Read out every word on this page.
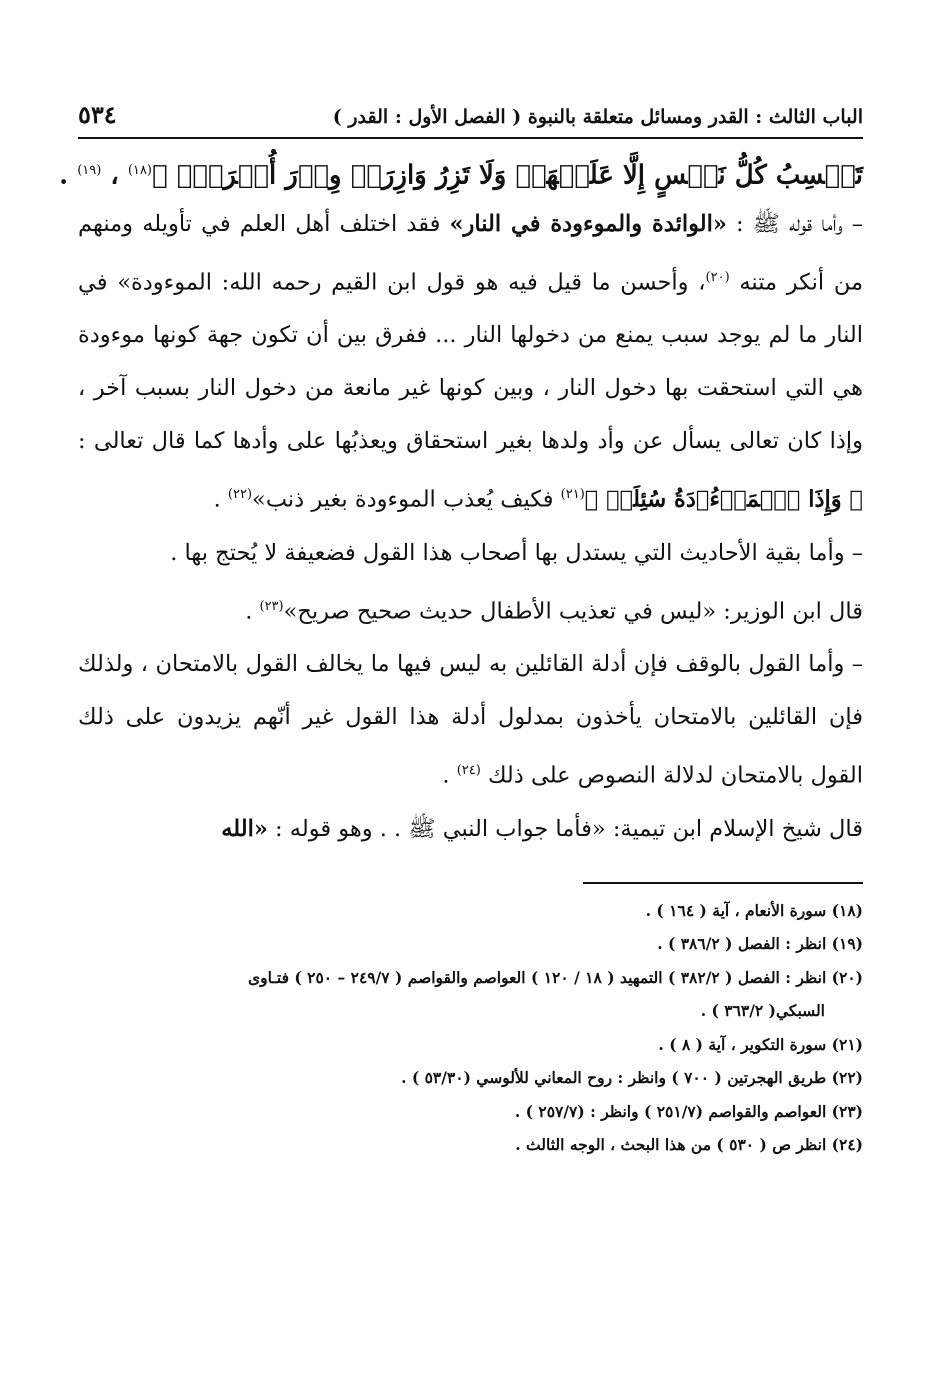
الباب الثالث : القدر ومسائل متعلقة بالنبوة ( الفصل الأول : القدر )
٥٣٤
تَكۡسِبُ كُلُّ نَفۡسٍ إِلَّا عَلَيۡهَاۚ وَلَا تَزِرُ وَازِرَةٞ وِزۡرَ أُخۡرَىٰۚ ﴾$^{(١٨)}$ ، $^{(١٩)}$ .

– وأما قوله ﷺ : «الوائدة والموءودة في النار» فقد اختلف أهل العلم في تأويله ومنهم من أنكر متنه $^{(٢٠)}$، وأحسن ما قيل فيه هو قول ابن القيم رحمه الله: الموءودة» في النار ما لم يوجد سبب يمنع من دخولها النار ... ففرق بين أن تكون جهة كونها موءودة هي التي استحقت بها دخول النار ، وبين كونها غير مانعة من دخول النار بسبب آخر ، وإذا كان تعالى يسأل عن وأد ولدها بغير استحقاق ويعذبُها على وأدها كما قال تعالى : ﴿ وَإِذَا ٱلۡمَوۡءُۥدَةُ سُئِلَتۡ ﴾$^{(٢١)}$ فكيف يُعذب الموءودة بغير ذنب»$^{(٢٢)}$ .

– وأما بقية الأحاديث التي يستدل بها أصحاب هذا القول فضعيفة لا يُحتج بها .

قال ابن الوزير: «ليس في تعذيب الأطفال حديث صحيح صريح»$^{(٢٣)}$ .

– وأما القول بالوقف فإن أدلة القائلين به ليس فيها ما يخالف القول بالامتحان ، ولذلك فإن القائلين بالامتحان يأخذون بمدلول أدلة هذا القول غير أنّهم يزيدون على ذلك القول بالامتحان لدلالة النصوص على ذلك $^{(٢٤)}$ .

قال شيخ الإسلام ابن تيمية: «فأما جواب النبي ﷺ . . وهو قوله : «الله

(١٨) سورة الأنعام ، آية ( ١٦٤ ) .

(١٩) انظر : الفصل ( ٣٨٦/٢ ) .

(٢٠) انظر : الفصل ( ٣٨٢/٢ ) التمهيد ( ١٨ / ١٢٠ ) العواصم والقواصم ( ٢٤٩/٧ – ٢٥٠ ) فتـاوى

السبكي( ٣٦٣/٢ ) .

(٢١) سورة التكوير ، آية ( ٨ ) .

(٢٢) طريق الهجرتين ( ٧٠٠ ) وانظر : روح المعاني للألوسي (٥٣/٣٠ ) .

(٢٣) العواصم والقواصم (٢٥١/٧ ) وانظر : (٢٥٧/٧ ) .

(٢٤) انظر ص ( ٥٣٠ ) من هذا البحث ، الوجه الثالث .
